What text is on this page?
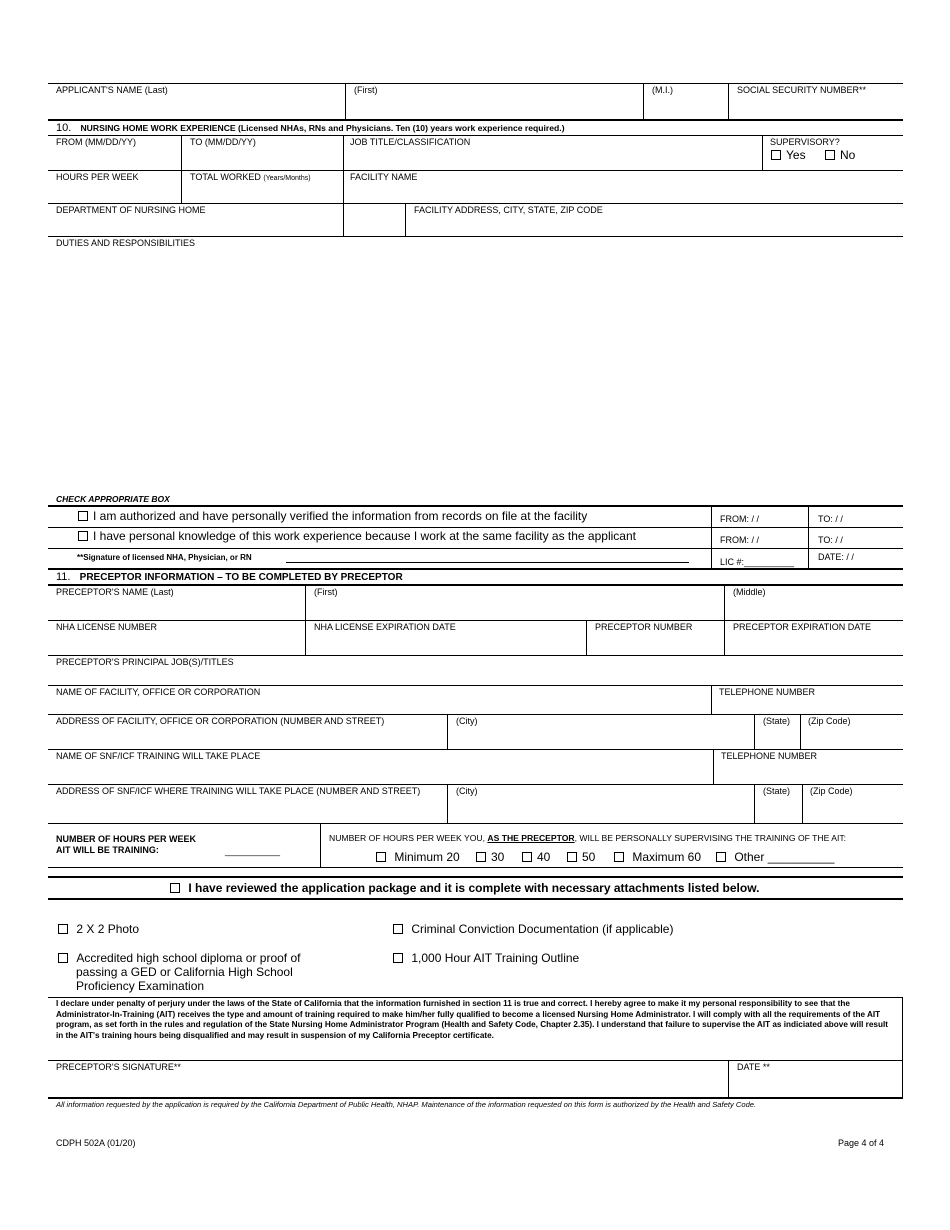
APPLICANT'S NAME (Last)	(First)	(M.I.)	SOCIAL SECURITY NUMBER**
10. NURSING HOME WORK EXPERIENCE (Licensed NHAs, RNs and Physicians. Ten (10) years work experience required.)
FROM (MM/DD/YY)	TO (MM/DD/YY)	JOB TITLE/CLASSIFICATION	SUPERVISORY?
Yes	No
HOURS PER WEEK	TOTAL WORKED (Years/Months)	FACILITY NAME
DEPARTMENT OF NURSING HOME	FACILITY ADDRESS, CITY, STATE, ZIP CODE
DUTIES AND RESPONSIBILITIES
CHECK APPROPRIATE BOX
I am authorized and have personally verified the information from records on file at the facility	FROM: / /	TO: / /
I have personal knowledge of this work experience because I work at the same facility as the applicant	FROM: / /	TO: / /
**Signature of licensed NHA, Physician, or RN	LIC #:__________	DATE: / /
11. PRECEPTOR INFORMATION – TO BE COMPLETED BY PRECEPTOR
PRECEPTOR'S NAME (Last)	(First)	(Middle)
NHA LICENSE NUMBER	NHA LICENSE EXPIRATION DATE	PRECEPTOR NUMBER	PRECEPTOR EXPIRATION DATE
PRECEPTOR'S PRINCIPAL JOB(S)/TITLES
NAME OF FACILITY, OFFICE OR CORPORATION	TELEPHONE NUMBER
ADDRESS OF FACILITY, OFFICE OR CORPORATION (NUMBER AND STREET)	(City)	(State) (Zip Code)
NAME OF SNF/ICF TRAINING WILL TAKE PLACE	TELEPHONE NUMBER
ADDRESS OF SNF/ICF WHERE TRAINING WILL TAKE PLACE (NUMBER AND STREET)	(City)	(State) (Zip Code)
NUMBER OF HOURS PER WEEK
AIT WILL BE TRAINING:	___________
NUMBER OF HOURS PER WEEK YOU, AS THE PRECEPTOR, WILL BE PERSONALLY SUPERVISING THE TRAINING OF THE AIT:
Minimum 20	30	40	50	Maximum 60	Other __________
I have reviewed the application package and it is complete with necessary attachments listed below.
2 X 2 Photo	Criminal Conviction Documentation (if applicable)
Accredited high school diploma or proof of
passing a GED or California High School
Proficiency Examination
1,000 Hour AIT Training Outline
I declare under penalty of perjury under the laws of the State of California that the information furnished in section 11 is true and correct. I hereby agree to make it my personal responsibility to see that the Administrator-In-Training (AIT) receives the type and amount of training required to make him/her fully qualified to become a licensed Nursing Home Administrator. I will comply with all the requirements of the AIT program, as set forth in the rules and regulation of the State Nursing Home Administrator Program (Health and Safety Code, Chapter 2.35). I understand that failure to supervise the AIT as indiciated above will result in the AIT's training hours being disqualified and may result in suspension of my California Preceptor certificate.
PRECEPTOR'S SIGNATURE**	DATE **
All information requested by the application is required by the California Department of Public Health, NHAP. Maintenance of the information requested on this form is authorized by the Health and Safety Code.
CDPH 502A (01/20)	Page 4 of 4
